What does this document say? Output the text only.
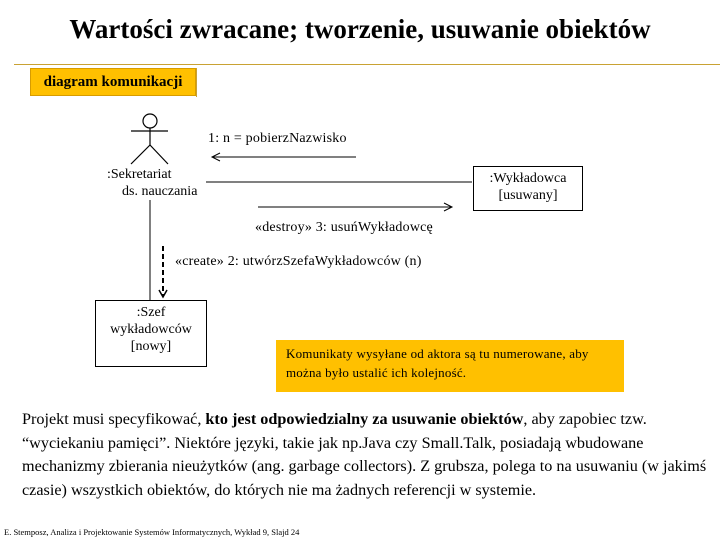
Wartości zwracane; tworzenie, usuwanie obiektów
diagram komunikacji
1: n = pobierzNazwisko
:Sekretariat
ds. nauczania
:Wykładowca
[usuwany]
«destroy» 3: usuńWykładowcę
«create» 2: utwórzSzefaWykładowców (n)
:Szef
wykładowców
[nowy]	Komunikaty wysyłane od aktora są tu numerowane, aby można było ustalić ich kolejność.
Projekt musi specyfikować, kto jest odpowiedzialny za usuwanie obiektów, aby zapobiec tzw. “wyciekaniu pamięci”. Niektóre języki, takie jak np.Java czy Small.Talk, posiadają wbudowane mechanizmy zbierania nieużytków (ang. garbage collectors). Z grubsza, polega to na usuwaniu (w jakimś czasie) wszystkich obiektów, do których nie ma żadnych referencji w systemie.
E. Stemposz, Analiza i Projektowanie Systemów Informatycznych, Wykład 9, Slajd 24
